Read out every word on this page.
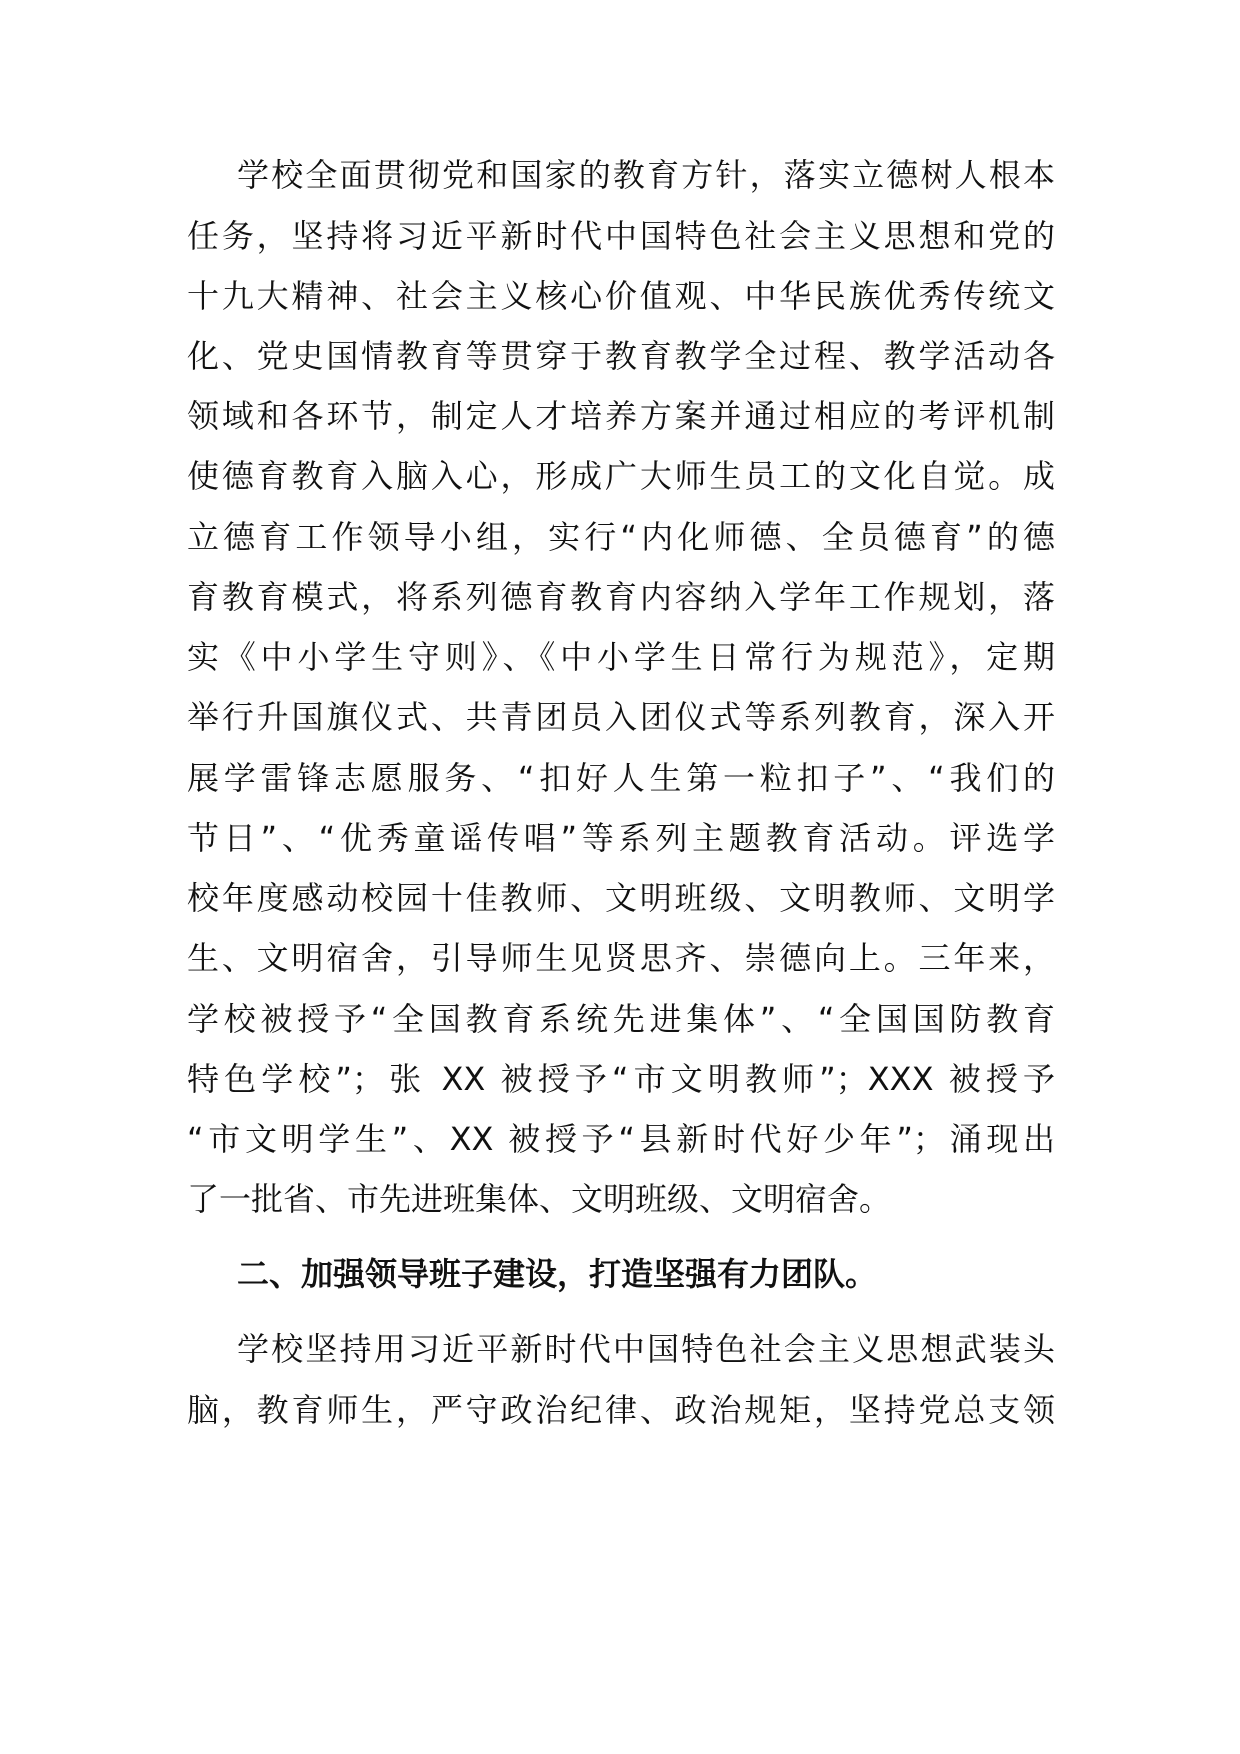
学校全面贯彻党和国家的教育方针，落实立德树人根本
任务，坚持将习近平新时代中国特色社会主义思想和党的
十九大精神、社会主义核心价值观、中华民族优秀传统文
化、党史国情教育等贯穿于教育教学全过程、教学活动各
领域和各环节，制定人才培养方案并通过相应的考评机制
使德育教育入脑入心，形成广大师生员工的文化自觉。成
立德育工作领导小组，实行“内化师德、全员德育”的德
育教育模式，将系列德育教育内容纳入学年工作规划，落
实《中小学生守则》、《中小学生日常行为规范》，定期
举行升国旗仪式、共青团员入团仪式等系列教育，深入开
展学雷锋志愿服务、“扣好人生第一粒扣子”、“我们的
节日”、“优秀童谣传唱”等系列主题教育活动。评选学
校年度感动校园十佳教师、文明班级、文明教师、文明学
生、文明宿舍，引导师生见贤思齐、崇德向上。三年来，
学校被授予“全国教育系统先进集体”、“全国国防教育
特色学校”；张 XX 被授予“市文明教师”；XXX 被授予
“市文明学生”、XX 被授予“县新时代好少年”；涌现出
了一批省、市先进班集体、文明班级、文明宿舍。
二、加强领导班子建设，打造坚强有力团队。
学校坚持用习近平新时代中国特色社会主义思想武装头
脑，教育师生，严守政治纪律、政治规矩，坚持党总支领
